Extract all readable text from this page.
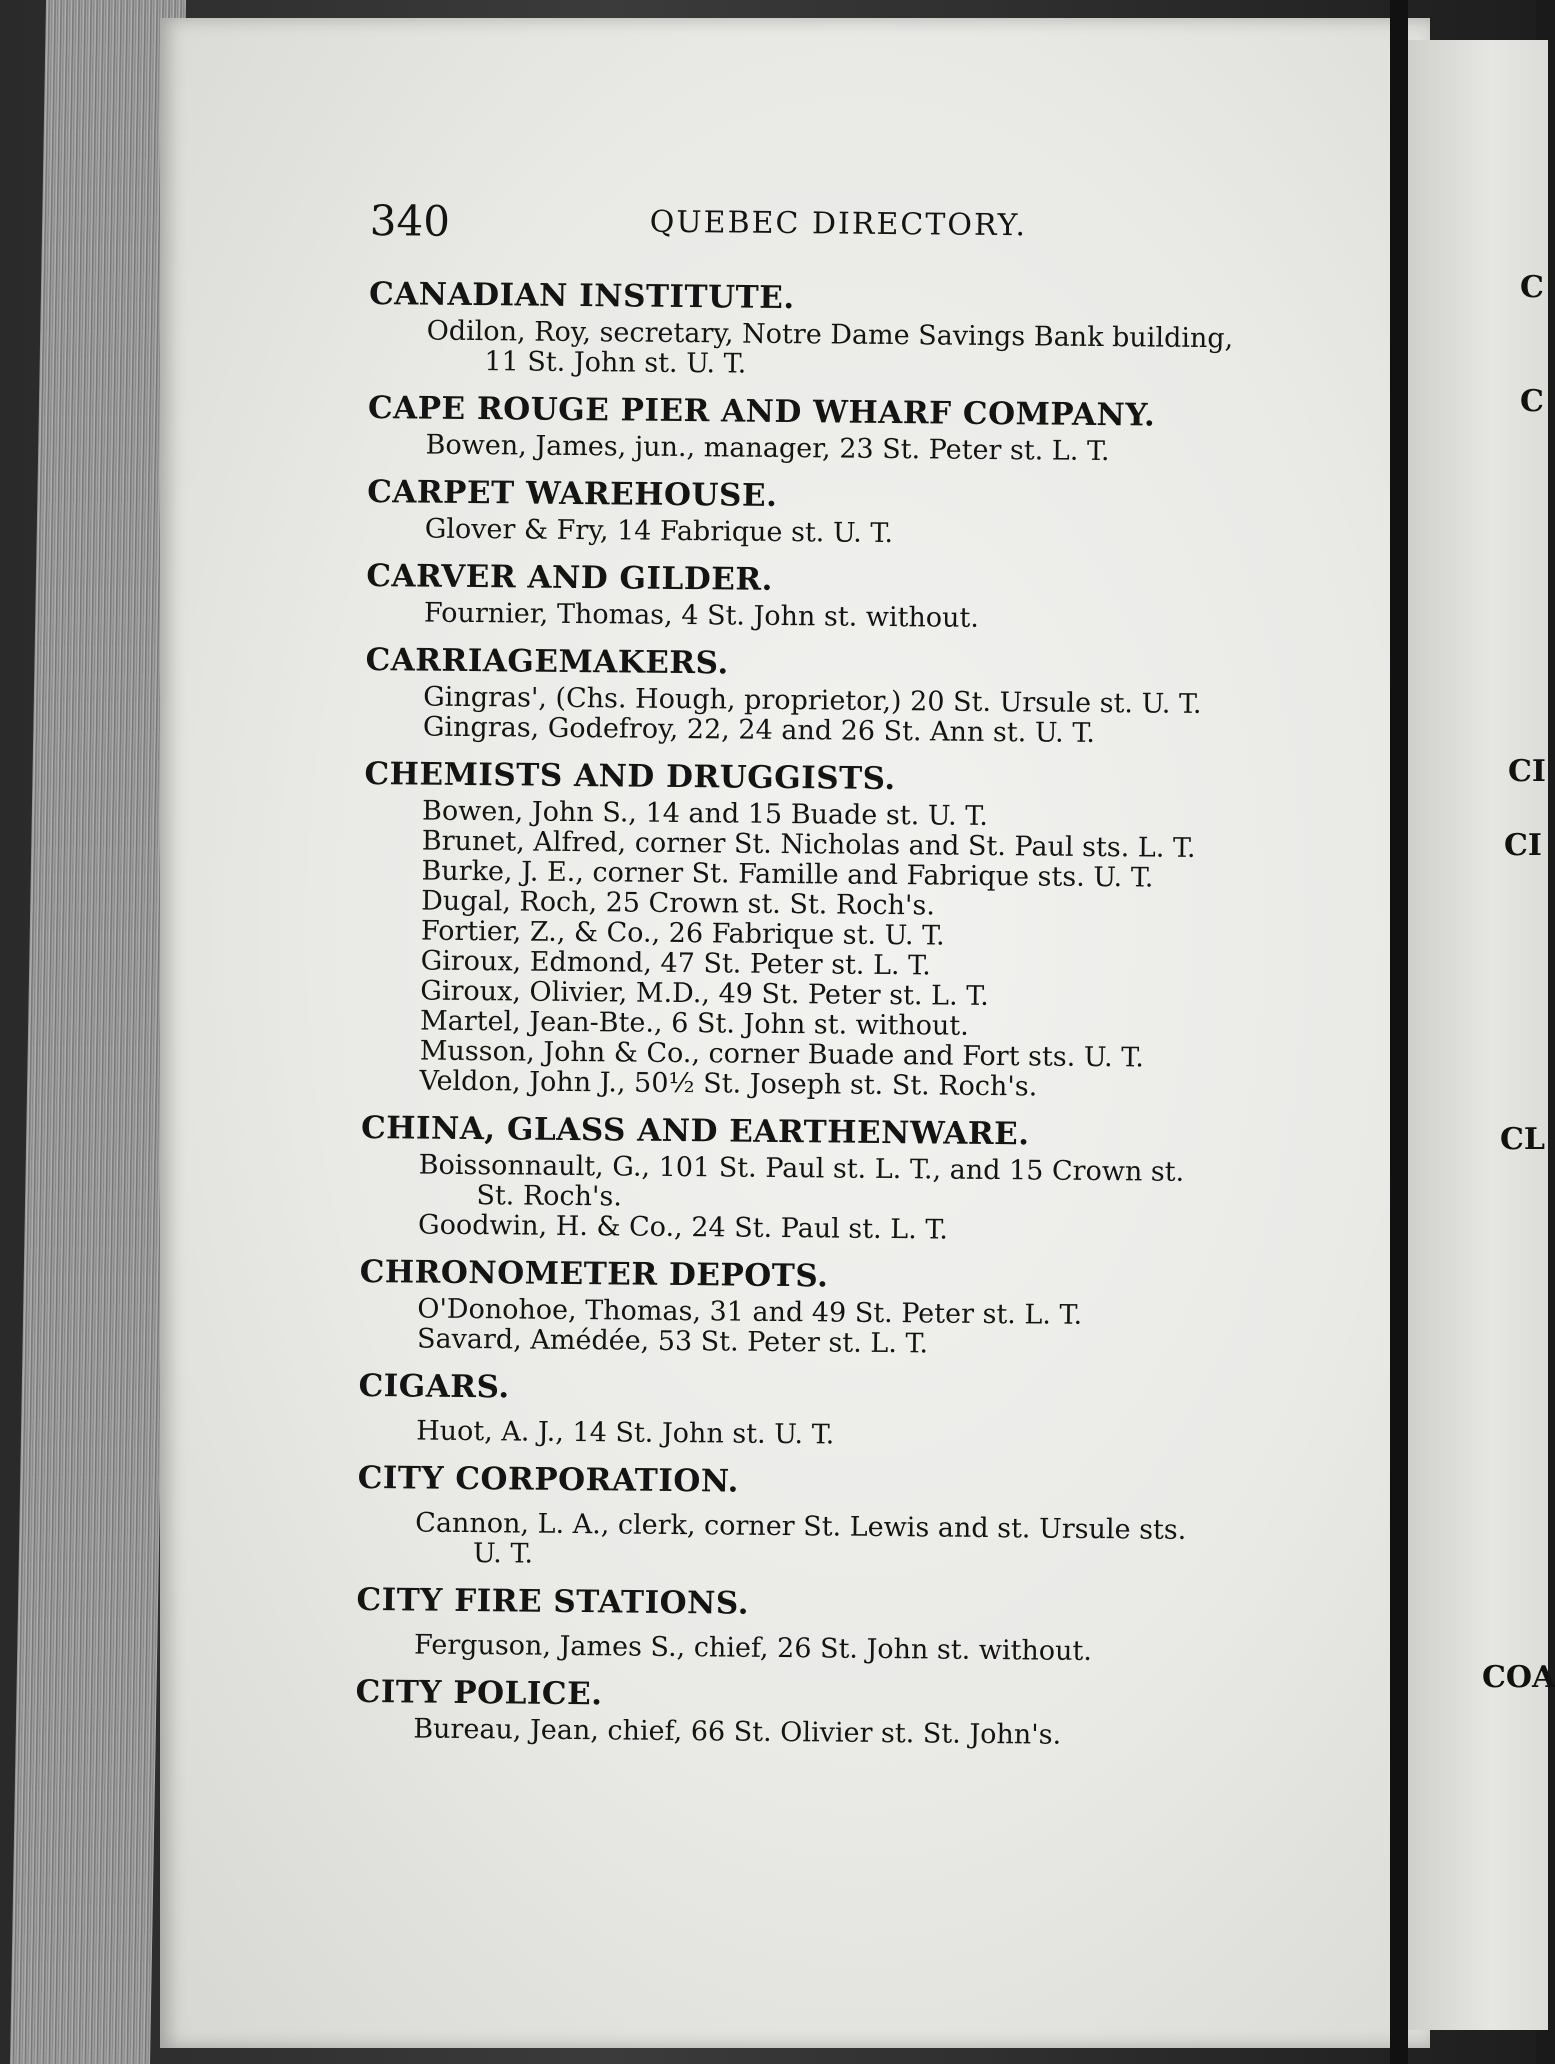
C
C
CI
CI
CL
COA
340	QUEBEC DIRECTORY.
CANADIAN INSTITUTE.
Odilon, Roy, secretary, Notre Dame Savings Bank building,
11 St. John st. U. T.
CAPE ROUGE PIER AND WHARF COMPANY.
Bowen, James, jun., manager, 23 St. Peter st. L. T.
CARPET WAREHOUSE.
Glover & Fry, 14 Fabrique st. U. T.
CARVER AND GILDER.
Fournier, Thomas, 4 St. John st. without.
CARRIAGEMAKERS.
Gingras', (Chs. Hough, proprietor,) 20 St. Ursule st. U. T.
Gingras, Godefroy, 22, 24 and 26 St. Ann st. U. T.
CHEMISTS AND DRUGGISTS.
Bowen, John S., 14 and 15 Buade st. U. T.
Brunet, Alfred, corner St. Nicholas and St. Paul sts. L. T.
Burke, J. E., corner St. Famille and Fabrique sts. U. T.
Dugal, Roch, 25 Crown st. St. Roch's.
Fortier, Z., & Co., 26 Fabrique st. U. T.
Giroux, Edmond, 47 St. Peter st. L. T.
Giroux, Olivier, M.D., 49 St. Peter st. L. T.
Martel, Jean-Bte., 6 St. John st. without.
Musson, John & Co., corner Buade and Fort sts. U. T.
Veldon, John J., 50½ St. Joseph st. St. Roch's.
CHINA, GLASS AND EARTHENWARE.
Boissonnault, G., 101 St. Paul st. L. T., and 15 Crown st.
St. Roch's.
Goodwin, H. & Co., 24 St. Paul st. L. T.
CHRONOMETER DEPOTS.
O'Donohoe, Thomas, 31 and 49 St. Peter st. L. T.
Savard, Amédée, 53 St. Peter st. L. T.
CIGARS.
Huot, A. J., 14 St. John st. U. T.
CITY CORPORATION.
Cannon, L. A., clerk, corner St. Lewis and st. Ursule sts.
U. T.
CITY FIRE STATIONS.
Ferguson, James S., chief, 26 St. John st. without.
CITY POLICE.
Bureau, Jean, chief, 66 St. Olivier st. St. John's.
